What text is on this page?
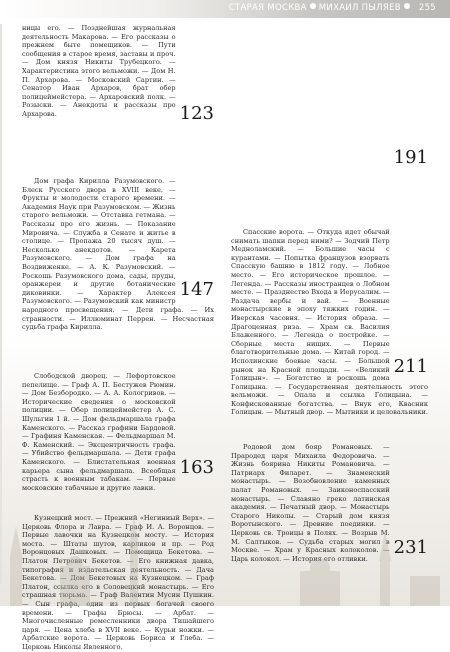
СТАРАЯ МОСКВА МИХАИЛ ПЫЛЯЕВ 255

123
ницы его. — Позднейшая журнальная деятельность Макарова. — Его рассказы о прежнем быте помещиков. — Пути сообщения в старое время, заставы и проч. — Дом князя Никиты Трубецкого. — Характеристика этого вельможи. — Дом Н. П. Архарова. — Московский Сартин. — Сенатор Иван Архаров, брат обер полицеймейстера. — Архаровский полк. — Розыски. — Анекдоты и рассказы про Архарова.

147
Дом графа Кирилла Разумовского. — Блеск Русского двора в XVIII веке. — Фрукты и молодости старого времени. — Академия Наук при Разумовском. — Жизнь старого вельможи. — Отставка гетмана. — Рассказы про его жизнь. — Показание Мировича. — Служба в Сенате и житье в столице. — Пропажа 20 тысяч душ. — Несколько анекдотов. — Карета Разумовского. — Дом графа на Воздвиженке. — А. К. Разумовский. — Роскошь Разумовского дома, сады, пруды, оранжереи и другие ботанические диковинки. — Характер Алексея Разумовского. — Разумовский как министр народного просвещения. — Дети графа. — Их странности. — Иллюминат Перрен. — Несчастная судьба графа Кирилла.

163
Слободской дворец. — Лефортовское пепелище. — Граф А. П. Бестужев Рюмин. — Дом Безбородко. — А. А. Кологривов. — Исторические сведения о московской полиции. — Обер полицеймейстер А. С. Шульгин 1 й. — Дом фельдмаршала графа Каменского. — Рассказ графини Бардовой. — Графиня Каменская. — Фельдмаршал М. Ф. Каменский. — Эксцентричность графа. — Убийство фельдмаршала. — Дети графа Каменского. — Блистательная военная карьера сына фельдмаршала. Всеобщая страсть к военным табакам. — Первые московские табачные и другие лавки.

Кузнецкий мост. — Прежний «Негиниый Верх». — Церковь Флора и Лавра. — Граф И. А. Воронцов. — Первые лавочки на Кузнецком мосту. — История моста. — Штаты шутов, карликов и пр. — Род Воронцовых Дашковых. — Помещица Бекетова. — Платон Петрович Бекетов. — Его книжная давка, типография и издательская деятельность. — Дача Бекетова. — Дом Бекетовых на Кузнецком. — Граф Платон, ссылка его в Соловецкий монастырь. — Его страшная тюрьма. — Граф Валентин Мусин Пушкин. — Сын графа, один из первых богачей своего времени. — Графы Брюсы. — Арбат. — Многочисленные ремесленники двора Тишайшего царя. — Цена хлеба в XVII веке. — Курьи ножки. — Арбатские ворота. — Церковь Бориса и Глеба. — Церковь Николы Явленного.

191

211
Спасские ворота. — Откуда идет обычай снимать шапки перед ними? — Зодчий Петр Медноламский. — Большие часы с курантами. — Попытка французов взорвать Спасскую башню в 1812 году. — Лобное место. — Его историческое прошлое. — Легенда. — Рассказы иностранцев о Лобном месте. — Празднество Входа в Иерусалим. — Раздача вербы и вай. — Военные монастырские в эпоху тяжких годин. — Иверская часовня. — История образа. — Драгоценная риза. — Храм св. Василия Блаженного. — Легенда о постройке. — Сборные места нищих. — Первые благотворительные дома. — Китай город. — Исполинские боевые часы. — Большой рынок на Красной площади. — «Великий Голицын». — Богатство и роскошь дома Голицына. — Государственная деятельность этого вельможи. — Опала и ссылка Голицына. — Конфискованные богатства. — Внук его, Квасник Голицын. — Мытный двор. — Мытники и целовальники.

231
Родовой дом бояр Романовых. — Прародед царя Михаила Федоровича. — Жизнь боярина Никиты Романовича. — Патриарх Филарет. — Знаменский монастырь. — Возобновление каменных палат Романовых. — Заиконоспасский монастырь. — Славяно греко латинская академия. — Печатный двор. — Монастырь Старого Николы. — Старый дом князя Воротынского. — Древние поединки. — Церковь св. Троицы в Полях. — Возрыв М. М. Салтыков. — Судьба старых могил в Москве. — Храм у Красных колоколов. — Царь колокол. — История его отливки.
